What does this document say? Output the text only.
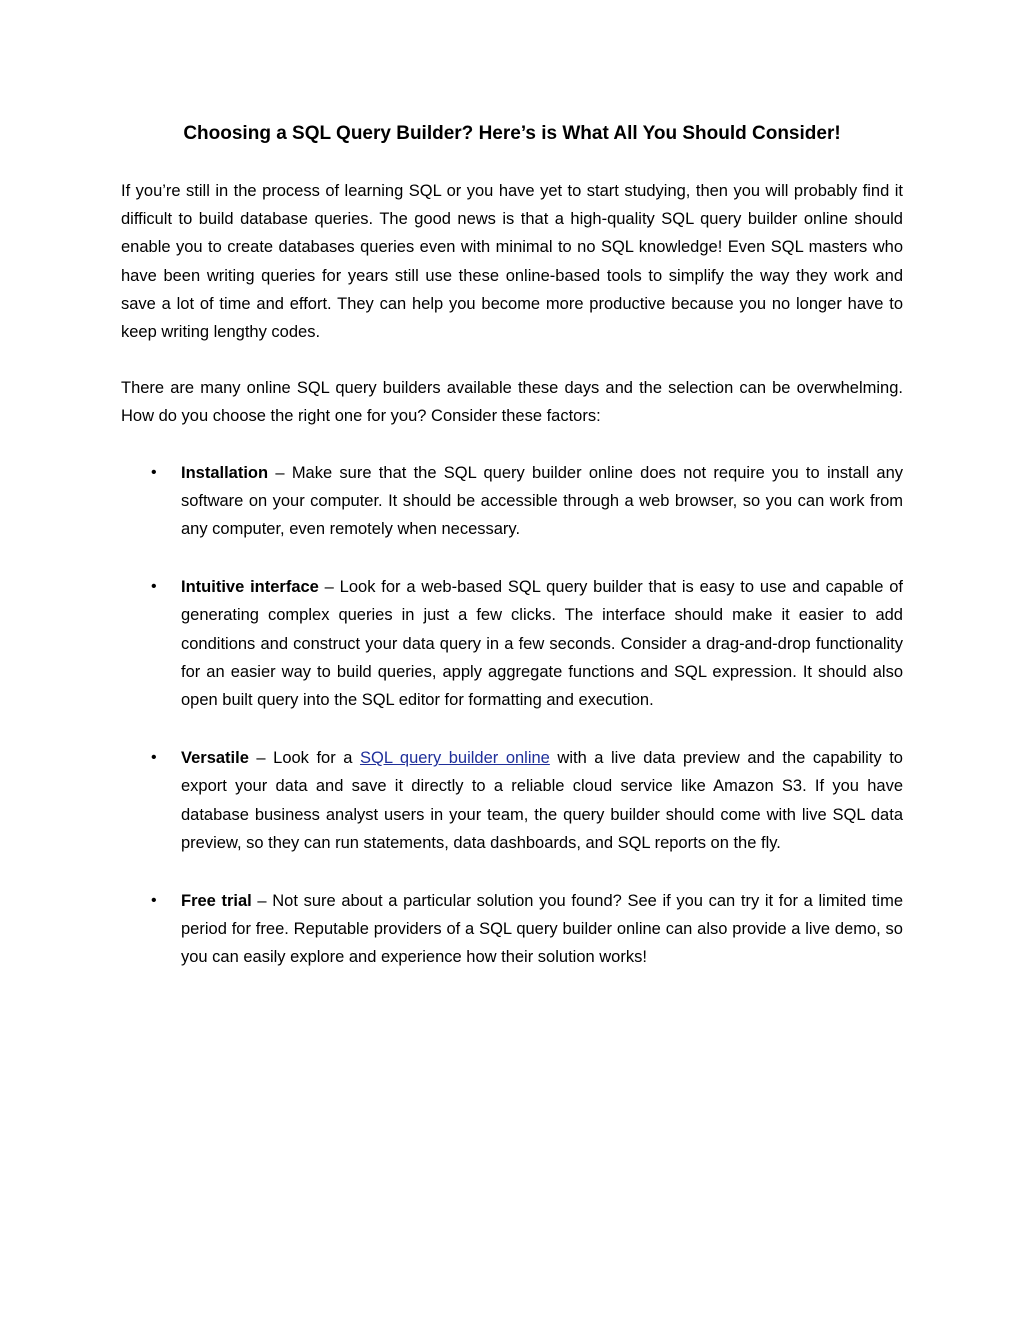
Choosing a SQL Query Builder? Here’s is What All You Should Consider!

If you’re still in the process of learning SQL or you have yet to start studying, then you will probably find it difficult to build database queries. The good news is that a high-quality SQL query builder online should enable you to create databases queries even with minimal to no SQL knowledge! Even SQL masters who have been writing queries for years still use these online-based tools to simplify the way they work and save a lot of time and effort. They can help you become more productive because you no longer have to keep writing lengthy codes.

There are many online SQL query builders available these days and the selection can be overwhelming. How do you choose the right one for you? Consider these factors:

• Installation – Make sure that the SQL query builder online does not require you to install any software on your computer. It should be accessible through a web browser, so you can work from any computer, even remotely when necessary.
• Intuitive interface – Look for a web-based SQL query builder that is easy to use and capable of generating complex queries in just a few clicks. The interface should make it easier to add conditions and construct your data query in a few seconds. Consider a drag-and-drop functionality for an easier way to build queries, apply aggregate functions and SQL expression. It should also open built query into the SQL editor for formatting and execution.
• Versatile – Look for a SQL query builder online with a live data preview and the capability to export your data and save it directly to a reliable cloud service like Amazon S3. If you have database business analyst users in your team, the query builder should come with live SQL data preview, so they can run statements, data dashboards, and SQL reports on the fly.
• Free trial – Not sure about a particular solution you found? See if you can try it for a limited time period for free. Reputable providers of a SQL query builder online can also provide a live demo, so you can easily explore and experience how their solution works!
